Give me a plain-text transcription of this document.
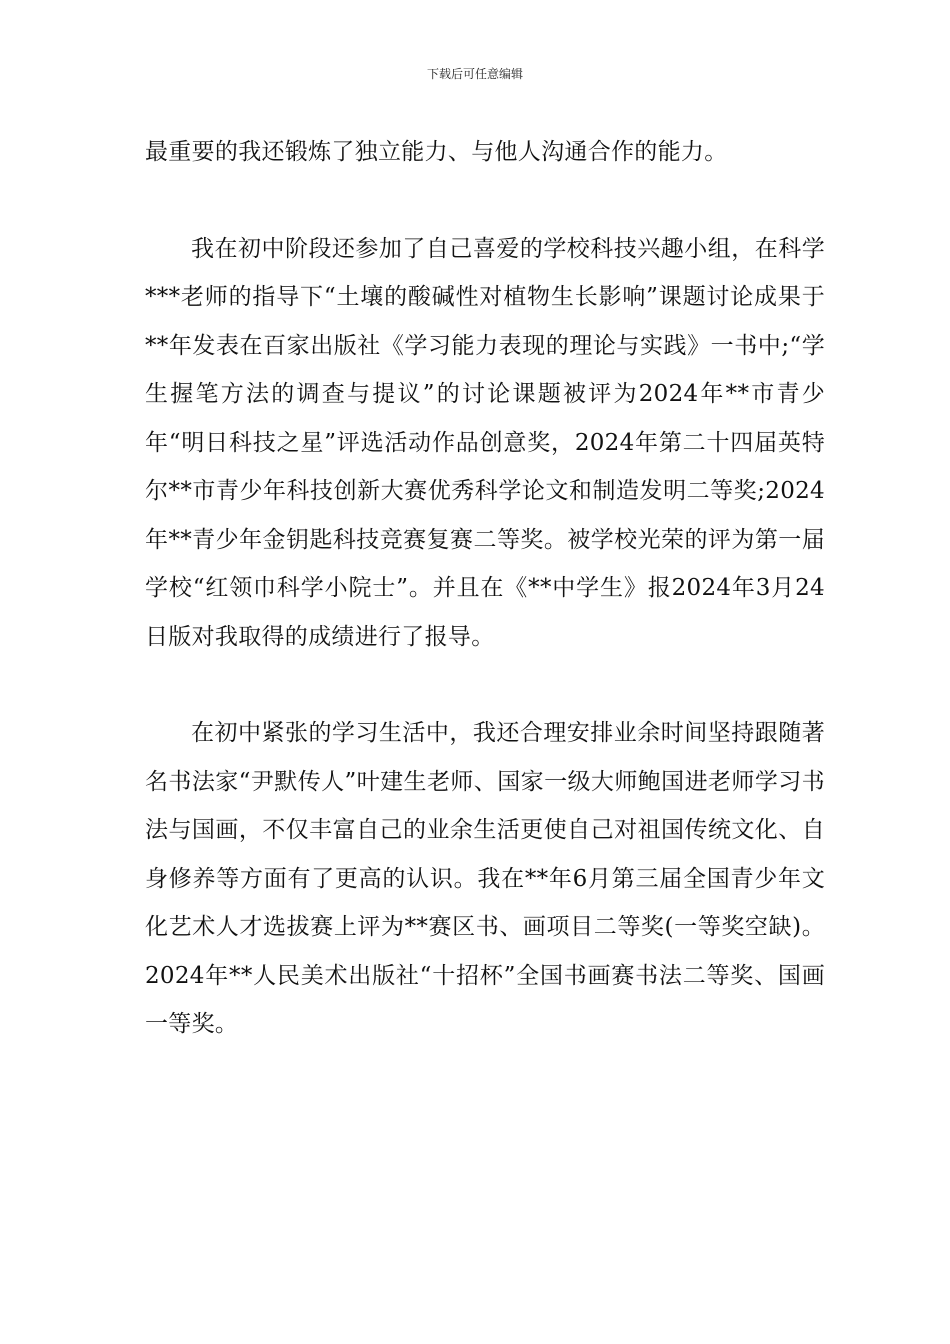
下载后可任意编辑

最重要的我还锻炼了独立能力、与他人沟通合作的能力。

我在初中阶段还参加了自己喜爱的学校科技兴趣小组，在科学***老师的指导下“土壤的酸碱性对植物生长影响”课题讨论成果于**年发表在百家出版社《学习能力表现的理论与实践》一书中;“学生握笔方法的调查与提议”的讨论课题被评为2024年**市青少年“明日科技之星”评选活动作品创意奖，2024年第二十四届英特尔**市青少年科技创新大赛优秀科学论文和制造发明二等奖;2024年**青少年金钥匙科技竞赛复赛二等奖。被学校光荣的评为第一届学校“红领巾科学小院士”。并且在《**中学生》报2024年3月24日版对我取得的成绩进行了报导。

在初中紧张的学习生活中，我还合理安排业余时间坚持跟随著名书法家“尹默传人”叶建生老师、国家一级大师鲍国进老师学习书法与国画，不仅丰富自己的业余生活更使自己对祖国传统文化、自身修养等方面有了更高的认识。我在**年6月第三届全国青少年文化艺术人才选拔赛上评为**赛区书、画项目二等奖(一等奖空缺)。2024年**人民美术出版社“十招杯”全国书画赛书法二等奖、国画一等奖。
